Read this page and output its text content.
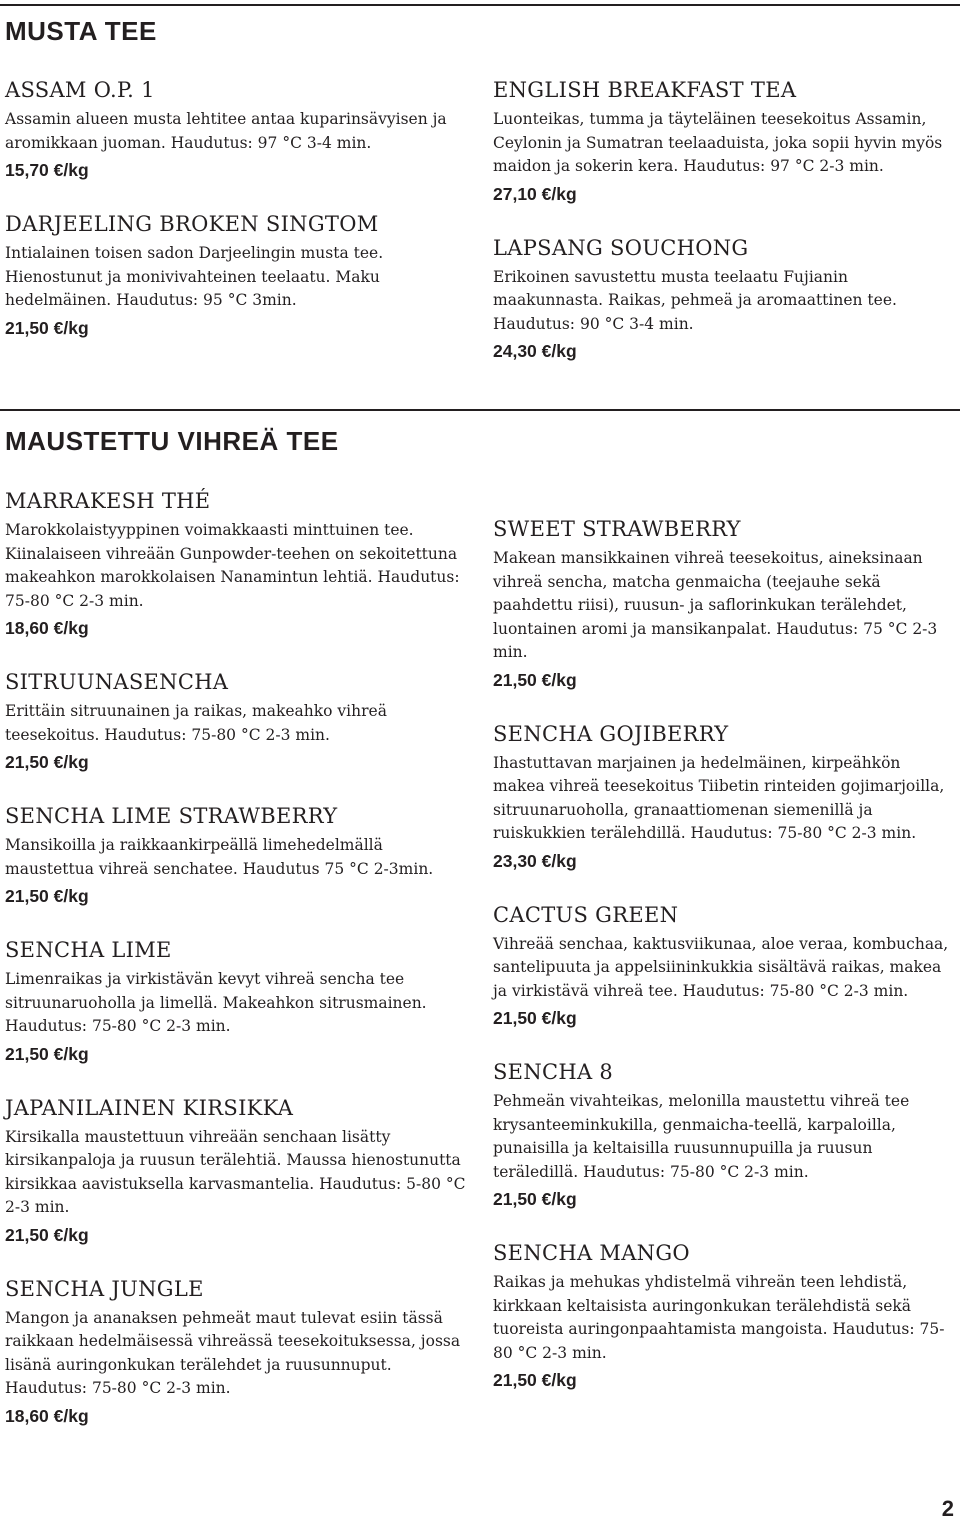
MUSTA TEE
ASSAM O.P. 1
Assamin alueen musta lehtitee antaa kuparinsävyisen ja aromikkaan juoman. Haudutus: 97 °C 3-4 min.
15,70 €/kg
DARJEELING BROKEN SINGTOM
Intialainen toisen sadon Darjeelingin musta tee. Hienostunut ja monivivahteinen teelaatu. Maku hedelmäinen. Haudutus: 95 °C 3min.
21,50 €/kg
ENGLISH BREAKFAST TEA
Luonteikas, tumma ja täyteläinen teesekoitus Assamin, Ceylonin ja Sumatran teelaaduista, joka sopii hyvin myös maidon ja sokerin kera. Haudutus: 97 °C 2-3 min.
27,10 €/kg
LAPSANG SOUCHONG
Erikoinen savustettu musta teelaatu Fujianin maakunnasta. Raikas, pehmeä ja aromaattinen tee. Haudutus: 90 °C 3-4 min.
24,30 €/kg
MAUSTETTU VIHREÄ TEE
MARRAKESH THÉ
Marokkolaistyyppinen voimakkaasti minttuinen tee. Kiinalaiseen vihreään Gunpowder-teehen on sekoitettuna makeahkon marokkolaisen Nanamintun lehtiä. Haudutus: 75-80 °C 2-3 min.
18,60 €/kg
SITRUUNASENCHA
Erittäin sitruunainen ja raikas, makeahko vihreä teesekoitus. Haudutus: 75-80 °C 2-3 min.
21,50 €/kg
SENCHA LIME STRAWBERRY
Mansikoilla ja raikkaankirpeällä limehedelmällä maustettua vihreä senchatee. Haudutus 75 °C 2-3min.
21,50 €/kg
SENCHA LIME
Limenraikas ja virkistävän kevyt vihreä sencha tee sitruunaruoholla ja limellä. Makeahkon sitrusmainen. Haudutus: 75-80 °C 2-3 min.
21,50 €/kg
JAPANILAINEN KIRSIKKA
Kirsikalla maustettuun vihreään senchaan lisätty kirsikanpaloja ja ruusun terälehtiä. Maussa hienostunutta kirsikkaa aavistuksella karvasmantelia. Haudutus: 5-80 °C 2-3 min.
21,50 €/kg
SENCHA JUNGLE
Mangon ja ananaksen pehmeät maut tulevat esiin tässä raikkaan hedelmäisessä vihreässä teesekoituksessa, jossa lisänä auringonkukan terälehdet ja ruusunnuput. Haudutus: 75-80 °C 2-3 min.
18,60 €/kg
SWEET STRAWBERRY
Makean mansikkainen vihreä teesekoitus, aineksinaan vihreä sencha, matcha genmaicha (teejauhe sekä paahdettu riisi), ruusun- ja saflorinkukan terälehdet, luontainen aromi ja mansikanpalat. Haudutus: 75 °C 2-3 min.
21,50 €/kg
SENCHA GOJIBERRY
Ihastuttavan marjainen ja hedelmäinen, kirpeähkön makea vihreä teesekoitus Tiibetin rinteiden gojimarjoilla, sitruunaruoholla, granaattiomenan siemenillä ja ruiskukkien terälehdillä. Haudutus: 75-80 °C 2-3 min.
23,30 €/kg
CACTUS GREEN
Vihreää senchaa, kaktusviikunaa, aloe veraa, kombuchaa, santelipuuta ja appelsiininkukkia sisältävä raikas, makea ja virkistävä vihreä tee. Haudutus: 75-80 °C 2-3 min.
21,50 €/kg
SENCHA 8
Pehmeän vivahteikas, melonilla maustettu vihreä tee krysanteeminkukilla, genmaicha-teellä, karpaloilla, punaisilla ja keltaisilla ruusunnupuilla ja ruusun teräledillä. Haudutus: 75-80 °C 2-3 min.
21,50 €/kg
SENCHA MANGO
Raikas ja mehukas yhdistelmä vihreän teen lehdistä, kirkkaan keltaisista auringonkukan terälehdistä sekä tuoreista auringonpaahtamista mangoista. Haudutus: 75-80 °C 2-3 min.
21,50 €/kg
2
